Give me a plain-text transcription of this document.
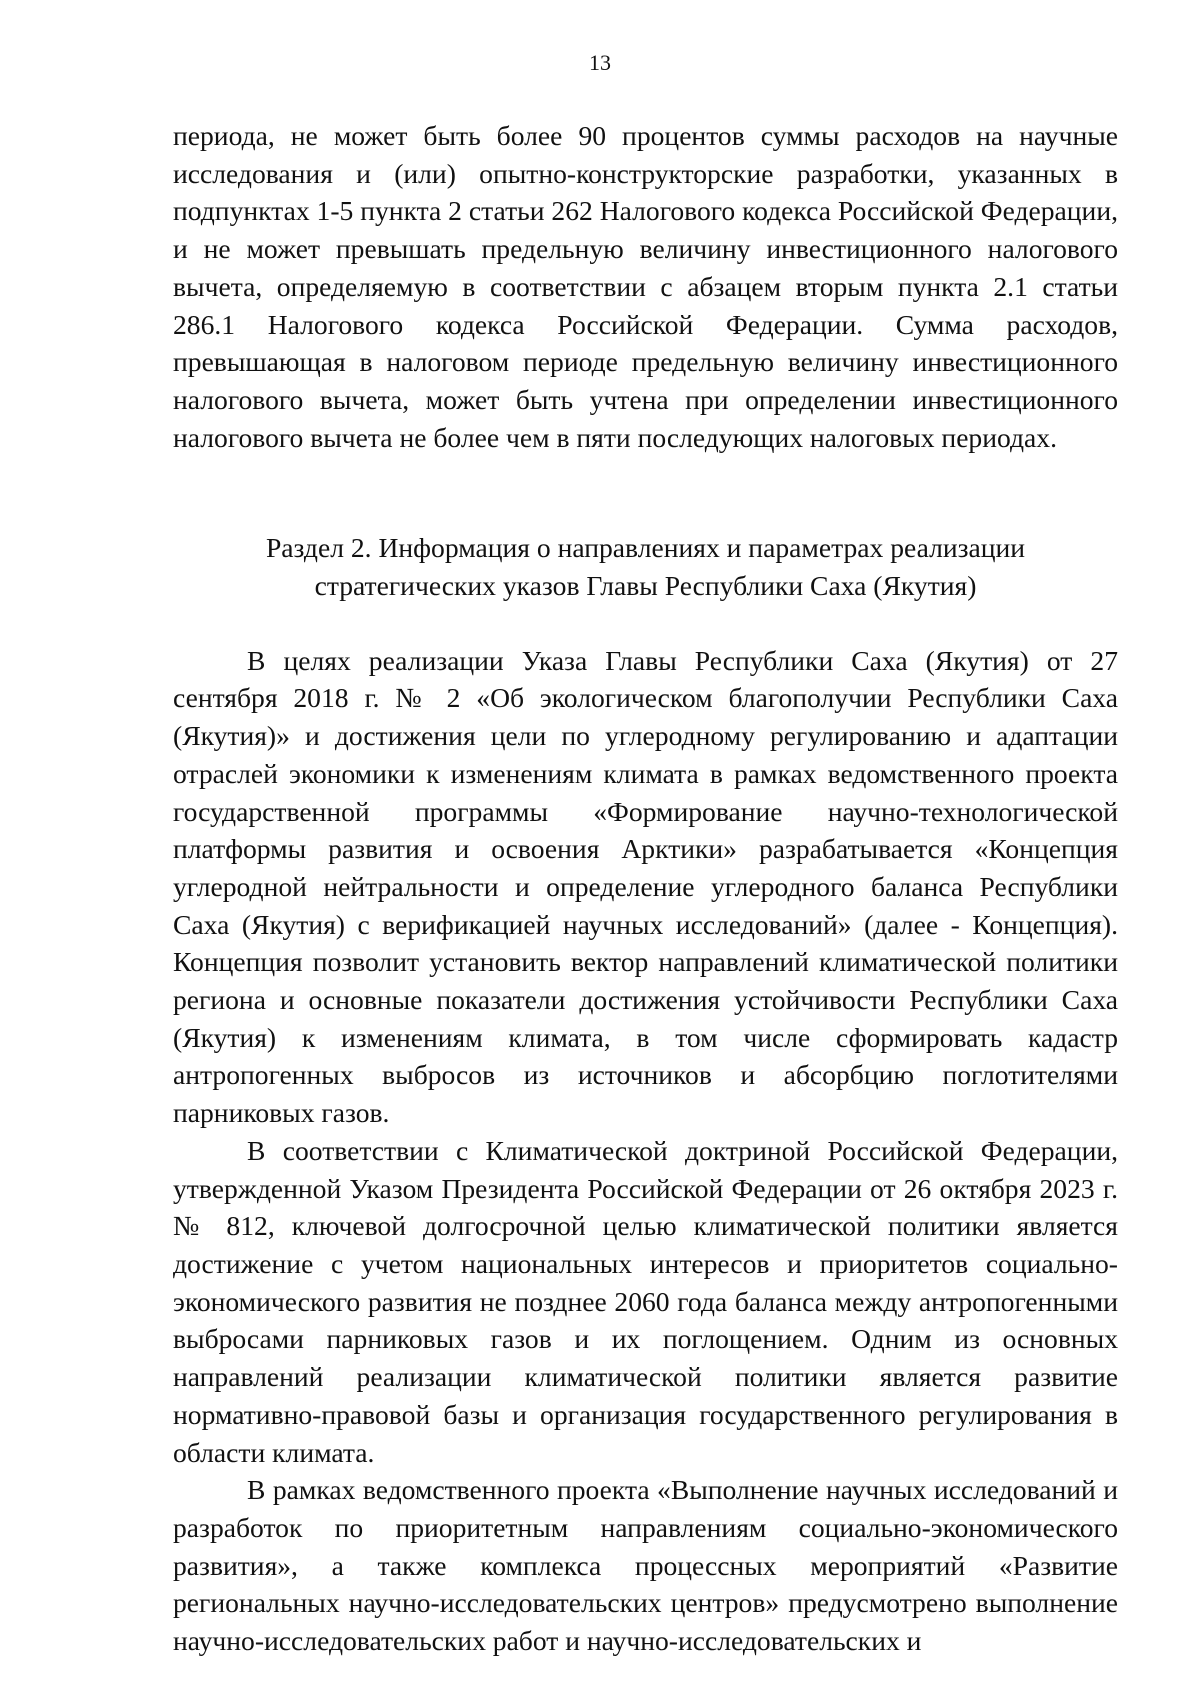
13

периода, не может быть более 90 процентов суммы расходов на научные исследования и (или) опытно-конструкторские разработки, указанных в подпунктах 1-5 пункта 2 статьи 262 Налогового кодекса Российской Федерации, и не может превышать предельную величину инвестиционного налогового вычета, определяемую в соответствии с абзацем вторым пункта 2.1 статьи 286.1 Налогового кодекса Российской Федерации. Сумма расходов, превышающая в налоговом периоде предельную величину инвестиционного налогового вычета, может быть учтена при определении инвестиционного налогового вычета не более чем в пяти последующих налоговых периодах.

Раздел 2. Информация о направлениях и параметрах реализации
стратегических указов Главы Республики Саха (Якутия)

В целях реализации Указа Главы Республики Саха (Якутия) от 27 сентября 2018 г. № 2 «Об экологическом благополучии Республики Саха (Якутия)» и достижения цели по углеродному регулированию и адаптации отраслей экономики к изменениям климата в рамках ведомственного проекта государственной программы «Формирование научно-технологической платформы развития и освоения Арктики» разрабатывается «Концепция углеродной нейтральности и определение углеродного баланса Республики Саха (Якутия) с верификацией научных исследований» (далее - Концепция). Концепция позволит установить вектор направлений климатической политики региона и основные показатели достижения устойчивости Республики Саха (Якутия) к изменениям климата, в том числе сформировать кадастр антропогенных выбросов из источников и абсорбцию поглотителями парниковых газов.

В соответствии с Климатической доктриной Российской Федерации, утвержденной Указом Президента Российской Федерации от 26 октября 2023 г. № 812, ключевой долгосрочной целью климатической политики является достижение с учетом национальных интересов и приоритетов социально-экономического развития не позднее 2060 года баланса между антропогенными выбросами парниковых газов и их поглощением. Одним из основных направлений реализации климатической политики является развитие нормативно-правовой базы и организация государственного регулирования в области климата.

В рамках ведомственного проекта «Выполнение научных исследований и разработок по приоритетным направлениям социально-экономического развития», а также комплекса процессных мероприятий «Развитие региональных научно-исследовательских центров» предусмотрено выполнение научно-исследовательских работ и научно-исследовательских и
